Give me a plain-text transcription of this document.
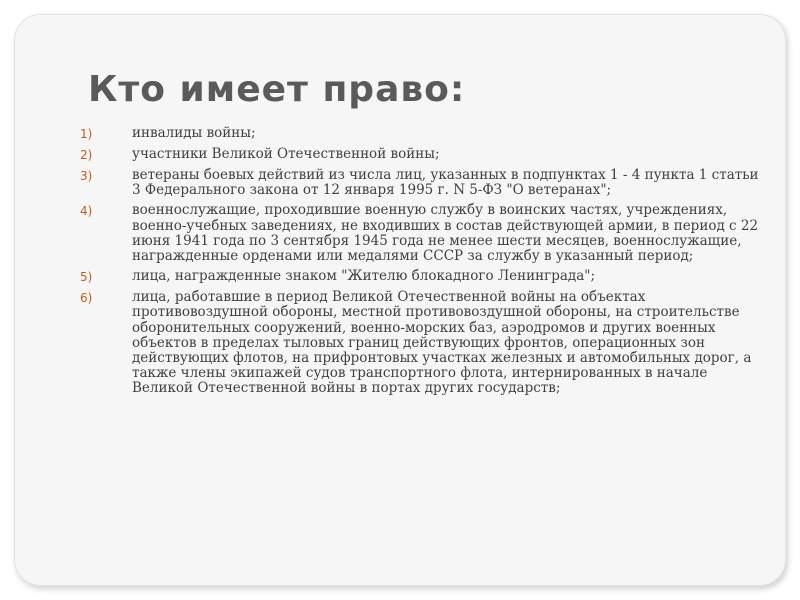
Кто имеет право:
1)	инвалиды войны;
2)	участники Великой Отечественной войны;
3)	ветераны боевых действий из числа лиц, указанных в подпунктах 1 - 4 пункта 1 статьи 3 Федерального закона от 12 января 1995 г. N 5-ФЗ "О ветеранах";
4)	военнослужащие, проходившие военную службу в воинских частях, учреждениях, военно-учебных заведениях, не входивших в состав действующей армии, в период с 22 июня 1941 года по 3 сентября 1945 года не менее шести месяцев, военнослужащие, награжденные орденами или медалями СССР за службу в указанный период;
5)	лица, награжденные знаком "Жителю блокадного Ленинграда";
6)	лица, работавшие в период Великой Отечественной войны на объектах противовоздушной обороны, местной противовоздушной обороны, на строительстве оборонительных сооружений, военно-морских баз, аэродромов и других военных объектов в пределах тыловых границ действующих фронтов, операционных зон действующих флотов, на прифронтовых участках железных и автомобильных дорог, а также члены экипажей судов транспортного флота, интернированных в начале Великой Отечественной войны в портах других государств;
